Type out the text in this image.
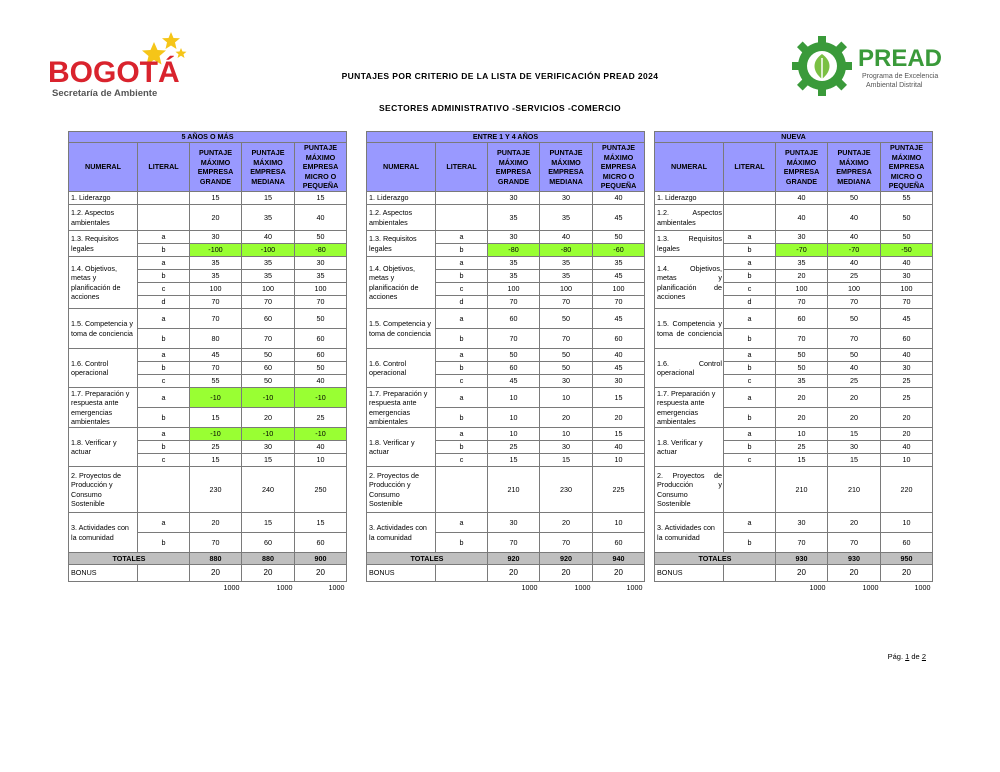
BOGOTÁ
Secretaría de Ambiente
PREAD
Programa de Excelencia
Ambiental Distrital
PUNTAJES POR CRITERIO DE LA LISTA DE VERIFICACIÓN PREAD 2024
SECTORES ADMINISTRATIVO -SERVICIOS -COMERCIO
5 AÑOS O MÁS				
NUMERAL	LITERAL	PUNTAJE MÁXIMO EMPRESA GRANDE	PUNTAJE MÁXIMO EMPRESA MEDIANA	PUNTAJE MÁXIMO EMPRESA MICRO O PEQUEÑA
1. Liderazgo		15	15	15
1.2. Aspectos ambientales		20	35	40
1.3. Requisitos legales	a	30	40	50
	b	-100	-100	-80
1.4. Objetivos, metas y planificación de acciones	a	35	35	30
	b	35	35	35
	c	100	100	100
	d	70	70	70
1.5. Competencia y toma de conciencia	a	70	60	50
	b	80	70	60
1.6. Control operacional	a	45	50	60
	b	70	60	50
	c	55	50	40
1.7. Preparación y respuesta ante emergencias ambientales	a	-10	-10	-10
	b	15	20	25
1.8. Verificar y actuar	a	-10	-10	-10
	b	25	30	40
	c	15	15	10
2. Proyectos de Producción y Consumo Sostenible		230	240	250
3. Actividades con la comunidad	a	20	15	15
	b	70	60	60
TOTALES		880	880	900
BONUS		20	20	20
		1000	1000	1000
ENTRE 1 Y 4 AÑOS				
NUMERAL	LITERAL	PUNTAJE MÁXIMO EMPRESA GRANDE	PUNTAJE MÁXIMO EMPRESA MEDIANA	PUNTAJE MÁXIMO EMPRESA MICRO O PEQUEÑA
1. Liderazgo		30	30	40
1.2. Aspectos ambientales		35	35	45
1.3. Requisitos legales	a	30	40	50
	b	-80	-80	-60
1.4. Objetivos, metas y planificación de acciones	a	35	35	35
	b	35	35	45
	c	100	100	100
	d	70	70	70
1.5. Competencia y toma de conciencia	a	60	50	45
	b	70	70	60
1.6. Control operacional	a	50	50	40
	b	60	50	45
	c	45	30	30
1.7. Preparación y respuesta ante emergencias ambientales	a	10	10	15
	b	10	20	20
1.8. Verificar y actuar	a	10	10	15
	b	25	30	40
	c	15	15	10
2. Proyectos de Producción y Consumo Sostenible		210	230	225
3. Actividades con la comunidad	a	30	20	10
	b	70	70	60
TOTALES		920	920	940
BONUS		20	20	20
		1000	1000	1000
NUEVA				
NUMERAL	LITERAL	PUNTAJE MÁXIMO EMPRESA GRANDE	PUNTAJE MÁXIMO EMPRESA MEDIANA	PUNTAJE MÁXIMO EMPRESA MICRO O PEQUEÑA
1. Liderazgo		40	50	55
1.2. Aspectos ambientales		40	40	50
1.3. Requisitos legales	a	30	40	50
	b	-70	-70	-50
1.4. Objetivos, metas y planificación de acciones	a	35	40	40
	b	20	25	30
	c	100	100	100
	d	70	70	70
1.5. Competencia y toma de conciencia	a	60	50	45
	b	70	70	60
1.6. Control operacional	a	50	50	40
	b	50	40	30
	c	35	25	25
1.7. Preparación y respuesta ante emergencias ambientales	a	20	20	25
	b	20	20	20
1.8. Verificar y actuar	a	10	15	20
	b	25	30	40
	c	15	15	10
2. Proyectos de Producción y Consumo Sostenible		210	210	220
3. Actividades con la comunidad	a	30	20	10
	b	70	70	60
TOTALES		930	930	950
BONUS		20	20	20
		1000	1000	1000
Pág. 1 de 2
